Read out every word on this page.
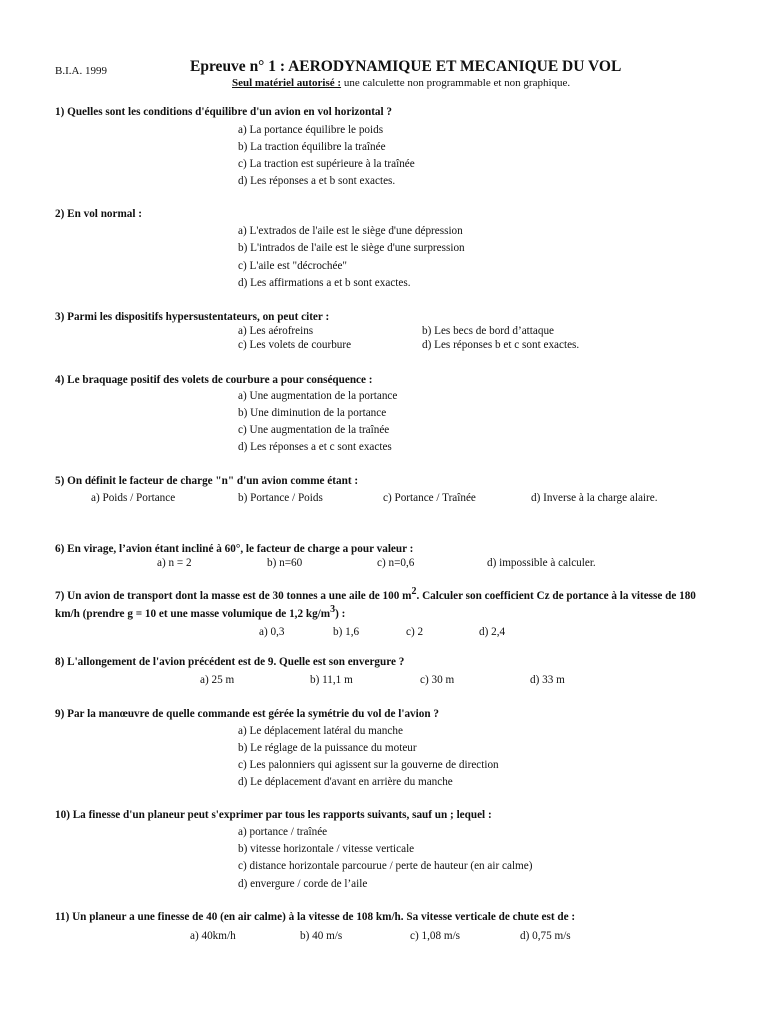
B.I.A. 1999	Epreuve n° 1 : AERODYNAMIQUE ET MECANIQUE DU VOL
Seul matériel autorisé : une calculette non programmable et non graphique.
1) Quelles sont les conditions d'équilibre d'un avion en vol horizontal ?
a) La portance équilibre le poids
b) La traction équilibre la traînée
c) La traction est supérieure à la traînée
d) Les réponses a et b sont exactes.
2) En vol normal :
a) L'extrados de l'aile est le siège d'une dépression
b) L'intrados de l'aile est le siège d'une surpression
c) L'aile est "décrochée"
d) Les affirmations a et b sont exactes.
3) Parmi les dispositifs hypersustentateurs, on peut citer :
a) Les aérofreins	b) Les becs de bord d’attaque
c) Les volets de courbure	d) Les réponses b et c sont exactes.
4) Le braquage positif des volets de courbure a pour conséquence :
a) Une augmentation de la portance
b) Une diminution de la portance
c) Une augmentation de la traînée
d) Les réponses a et c sont exactes
5) On définit le facteur de charge "n" d'un avion comme étant :
a) Poids / Portance	b) Portance / Poids	c) Portance / Traînée	d) Inverse à la charge alaire.
6) En virage, l’avion étant incliné à 60°, le facteur de charge a pour valeur :
a) n = 2	b) n=60	c) n=0,6	d) impossible à calculer.
7) Un avion de transport dont la masse est de 30 tonnes a une aile de 100 $m^2$. Calculer son coefficient Cz de portance à la vitesse de 180 km/h (prendre g = 10 et une masse volumique de 1,2 $kg/m^3$) :
a) 0,3	b) 1,6	c) 2	d) 2,4
8) L'allongement de l'avion précédent est de 9. Quelle est son envergure ?
a) 25 m	b) 11,1 m	c) 30 m	d) 33 m
9) Par la manœuvre de quelle commande est gérée la symétrie du vol de l'avion ?
a) Le déplacement latéral du manche
b) Le réglage de la puissance du moteur
c) Les palonniers qui agissent sur la gouverne de direction
d) Le déplacement d'avant en arrière du manche
10) La finesse d'un planeur peut s'exprimer par tous les rapports suivants, sauf un ; lequel :
a) portance / traînée
b) vitesse horizontale / vitesse verticale
c) distance horizontale parcourue / perte de hauteur (en air calme)
d) envergure / corde de l’aile
11) Un planeur a une finesse de 40 (en air calme) à la vitesse de 108 km/h. Sa vitesse verticale de chute est de :
a) 40km/h	b) 40 m/s	c) 1,08 m/s	d) 0,75 m/s
